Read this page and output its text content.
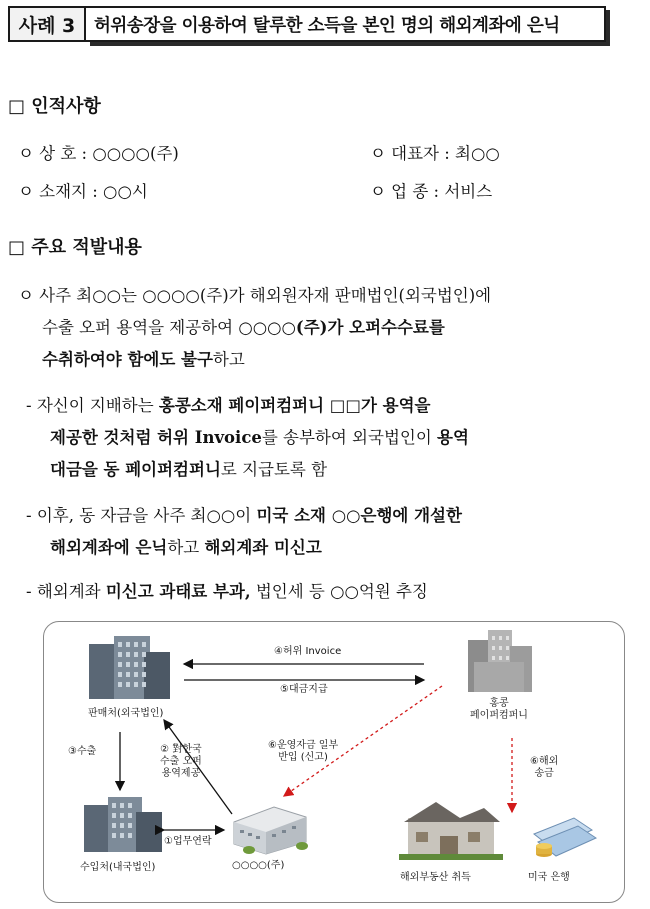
사례 3	허위송장을 이용하여 탈루한 소득을 본인 명의 해외계좌에 은닉
□ 인적사항
ㅇ 상 호 : ○○○○(주)	ㅇ 대표자 : 최○○
ㅇ 소재지 : ○○시	ㅇ 업 종 : 서비스
□ 주요 적발내용
ㅇ 사주 최○○는 ○○○○(주)가 해외원자재 판매법인(외국법인)에
수출 오퍼 용역을 제공하여 ○○○○(주)가 오퍼수수료를
수취하여야 함에도 불구하고
- 자신이 지배하는 홍콩소재 페이퍼컴퍼니 □□가 용역을
제공한 것처럼 허위 Invoice를 송부하여 외국법인이 용역
대금을 동 페이퍼컴퍼니로 지급토록 함
- 이후, 동 자금을 사주 최○○이 미국 소재 ○○은행에 개설한
해외계좌에 은닉하고 해외계좌 미신고
- 해외계좌 미신고 과태료 부과, 법인세 등 ○○억원 추징
판매처(외국법인)
홍콩
페이퍼컴퍼니
수입처(내국법인)	○○○○(주)
해외부동산 취득	미국 은행
④허위 Invoice
⑤대금지급
③수출	② 對한국
수출 오퍼
용역제공
①업무연락
⑥운영자금 일부
반입 (신고)	⑥해외
송금
